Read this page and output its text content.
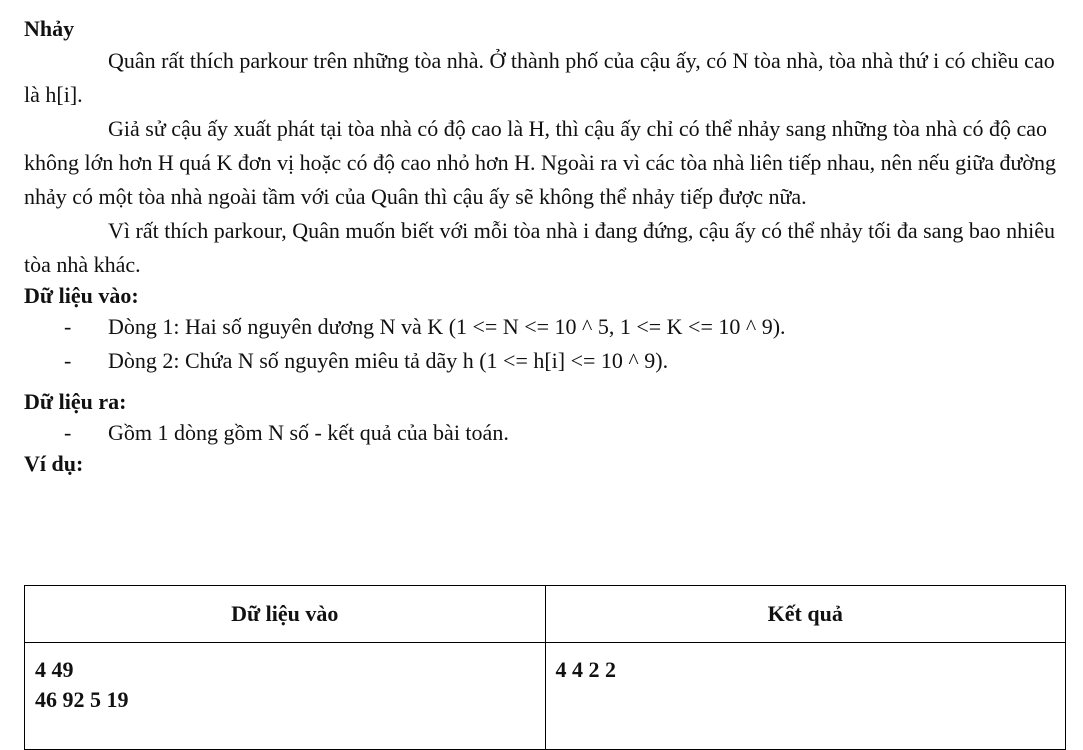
Nhảy

Quân rất thích parkour trên những tòa nhà. Ở thành phố của cậu ấy, có N tòa nhà, tòa nhà thứ i có chiều cao là h[i].

Giả sử cậu ấy xuất phát tại tòa nhà có độ cao là H, thì cậu ấy chỉ có thể nhảy sang những tòa nhà có độ cao không lớn hơn H quá K đơn vị hoặc có độ cao nhỏ hơn H. Ngoài ra vì các tòa nhà liên tiếp nhau, nên nếu giữa đường nhảy có một tòa nhà ngoài tầm với của Quân thì cậu ấy sẽ không thể nhảy tiếp được nữa.

Vì rất thích parkour, Quân muốn biết với mỗi tòa nhà i đang đứng, cậu ấy có thể nhảy tối đa sang bao nhiêu tòa nhà khác.

Dữ liệu vào:

- Dòng 1: Hai số nguyên dương N và K (1 <= N <= 10 ^ 5, 1 <= K <= 10 ^ 9).
- Dòng 2: Chứa N số nguyên miêu tả dãy h (1 <= h[i] <= 10 ^ 9).

Dữ liệu ra:

- Gồm 1 dòng gồm N số - kết quả của bài toán.

Ví dụ:

Dữ liệu vào	Kết quả

4 49
46 92 5 19	4 4 2 2
